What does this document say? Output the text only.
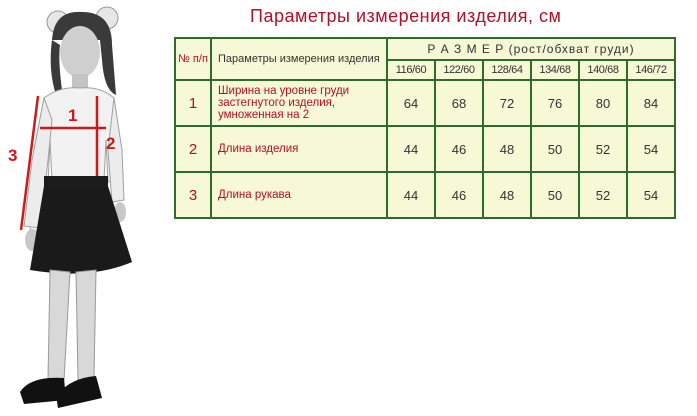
1
2
3
Параметры измерения изделия, см
№ п/п	Параметры измерения изделия	Р А З М Е Р (рост/обхват груди)					
		116/60	122/60	128/64	134/68	140/68	146/72
1	Ширина на уровне груди застегнутого изделия, умноженная на 2	64	68	72	76	80	84
2	Длина изделия	44	46	48	50	52	54
3	Длина рукава	44	46	48	50	52	54
